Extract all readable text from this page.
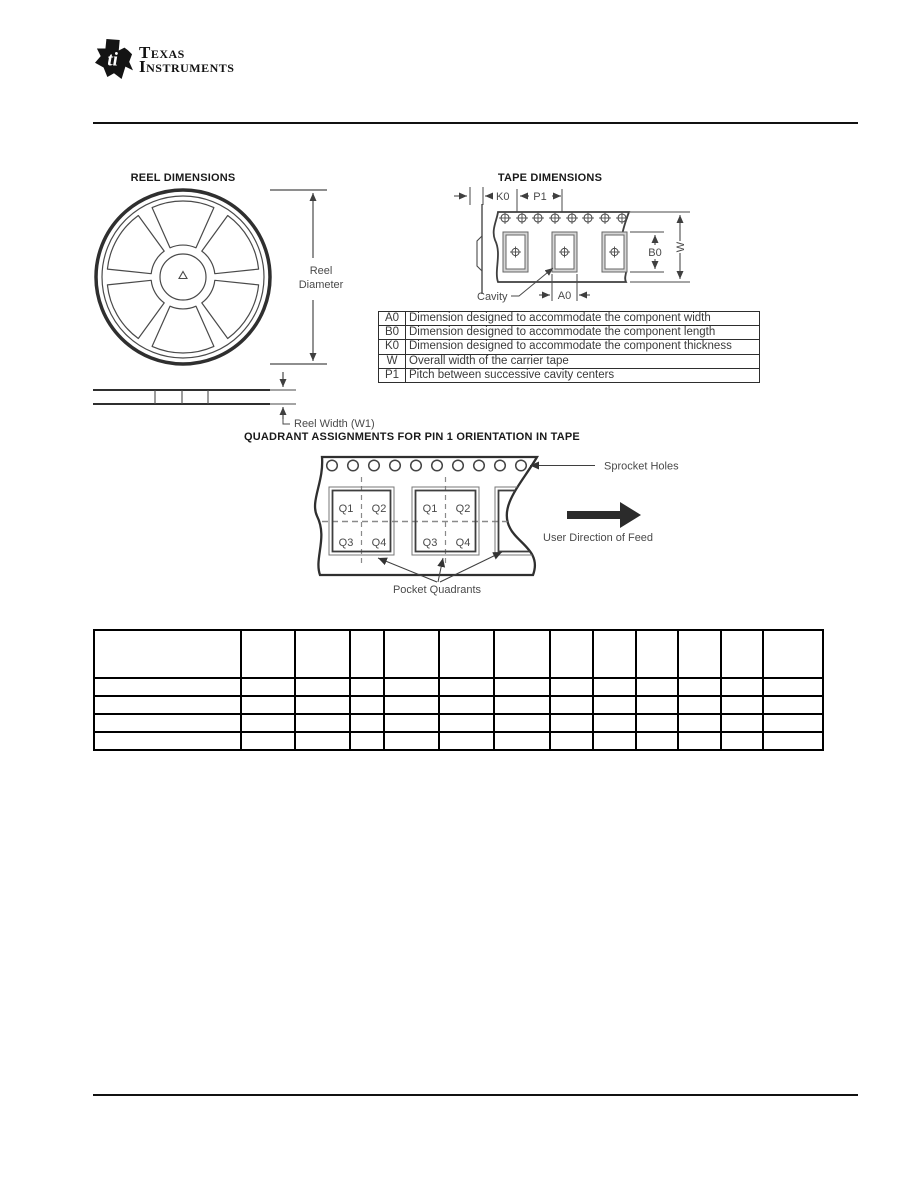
ti Texas
Instruments
REEL DIMENSIONS
Reel
Diameter
Reel Width (W1)
TAPE DIMENSIONS
K0 P1
Cavity	A0
B0 W
A0	Dimension designed to accommodate the component width
B0	Dimension designed to accommodate the component length
K0	Dimension designed to accommodate the component thickness
W	Overall width of the carrier tape
P1	Pitch between successive cavity centers
QUADRANT ASSIGNMENTS FOR PIN 1 ORIENTATION IN TAPE
Q1 Q2
Q3 Q4
Q1 Q2
Q3 Q4
Sprocket Holes
User Direction of Feed
Pocket Quadrants
